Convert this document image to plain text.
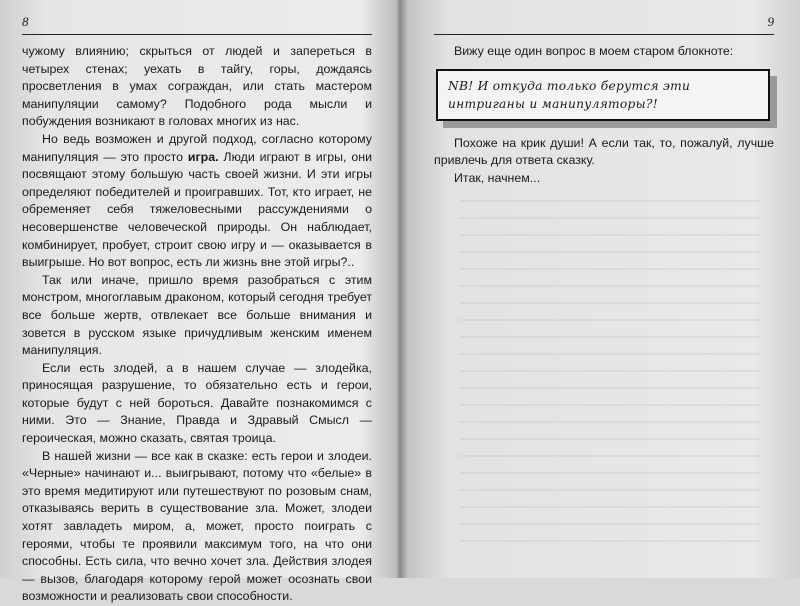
8

чужому влиянию; скрыться от людей и запереться в четырех стенах; уехать в тайгу, горы, дождаясь просветления в умах сограждан, или стать мастером манипуляции самому? Подобного рода мысли и побуждения возникают в головах многих из нас.

Но ведь возможен и другой подход, согласно которому манипуляция — это просто игра. Люди играют в игры, они посвящают этому большую часть своей жизни. И эти игры определяют победителей и проигравших. Тот, кто играет, не обременяет себя тяжеловесными рассуждениями о несовершенстве человеческой природы. Он наблюдает, комбинирует, пробует, строит свою игру и — оказывается в выигрыше. Но вот вопрос, есть ли жизнь вне этой игры?..

Так или иначе, пришло время разобраться с этим монстром, многоглавым драконом, который сегодня требует все больше жертв, отвлекает все больше внимания и зовется в русском языке причудливым женским именем манипуляция.

Если есть злодей, а в нашем случае — злодейка, приносящая разрушение, то обязательно есть и герои, которые будут с ней бороться. Давайте познакомимся с ними. Это — Знание, Правда и Здравый Смысл — героическая, можно сказать, святая троица.

В нашей жизни — все как в сказке: есть герои и злодеи. «Черные» начинают и... выигрывают, потому что «белые» в это время медитируют или путешествуют по розовым снам, отказываясь верить в существование зла. Может, злодеи хотят завладеть миром, а, может, просто поиграть с героями, чтобы те проявили максимум того, на что они способны. Есть сила, что вечно хочет зла. Действия злодея — вызов, благодаря которому герой может осознать свои возможности и реализовать свои способности.

9

Вижу еще один вопрос в моем старом блокноте:

NB! И откуда только берутся эти интриганы и манипуляторы?!

Похоже на крик души! А если так, то, пожалуй, лучше привлечь для ответа сказку.

Итак, начнем...
